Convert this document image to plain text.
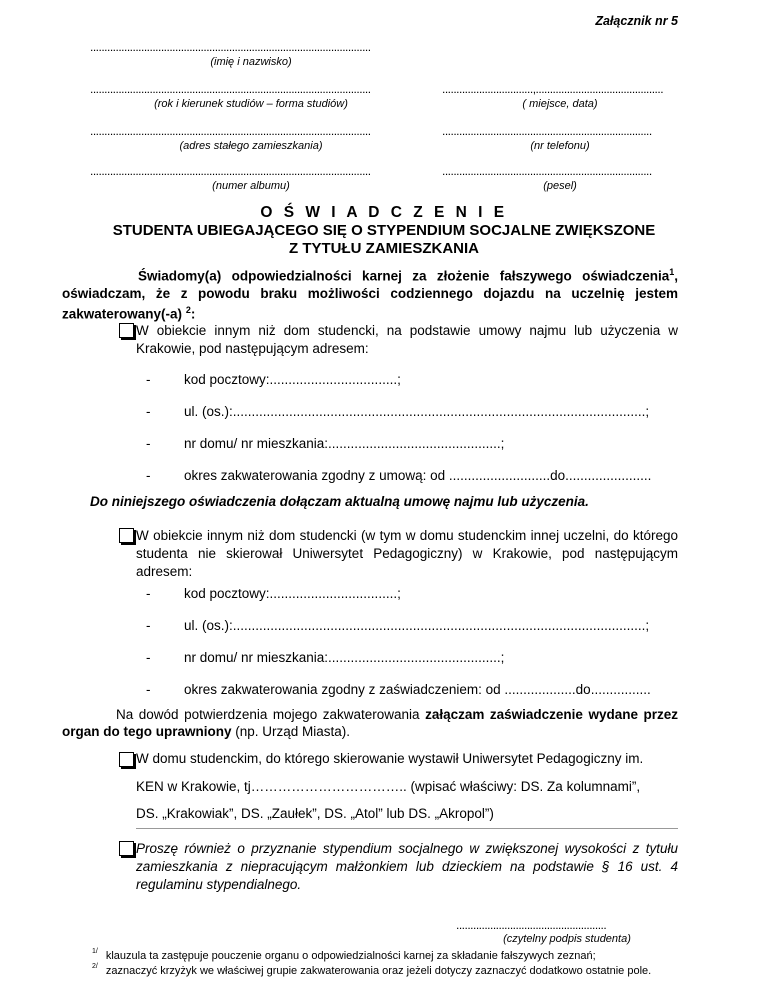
Załącznik nr 5
...................................................................................................
(imię i nazwisko)
...................................................................................................
(rok i kierunek studiów – forma studiów)
................................,.............................................
( miejsce, data)
...................................................................................................
(adres stałego zamieszkania)
..........................................................................
(nr telefonu)
...................................................................................................
(numer albumu)
..........................................................................
(pesel)
O Ś W I A D C Z E N I E
STUDENTA UBIEGAJĄCEGO SIĘ O STYPENDIUM SOCJALNE ZWIĘKSZONE
Z TYTUŁU ZAMIESZKANIA
Świadomy(a) odpowiedzialności karnej za złożenie fałszywego oświadczenia$^1$, oświadczam, że z powodu braku możliwości codziennego dojazdu na uczelnię jestem zakwaterowany(-a) $^2$:
W obiekcie innym niż dom studencki, na podstawie umowy najmu lub użyczenia w Krakowie, pod następującym adresem:
- kod pocztowy:..................................;
- ul. (os.):..............................................................................................................;
- nr domu/ nr mieszkania:..............................................;
- okres zakwaterowania zgodny z umową: od ...........................do.......................
Do niniejszego oświadczenia dołączam aktualną umowę najmu lub użyczenia.
W obiekcie innym niż dom studencki (w tym w domu studenckim innej uczelni, do którego studenta nie skierował Uniwersytet Pedagogiczny) w Krakowie, pod następującym adresem:
- kod pocztowy:..................................;
- ul. (os.):..............................................................................................................;
- nr domu/ nr mieszkania:..............................................;
- okres zakwaterowania zgodny z zaświadczeniem: od ...................do................
Na dowód potwierdzenia mojego zakwaterowania załączam zaświadczenie wydane przez organ do tego uprawniony (np. Urząd Miasta).
W domu studenckim, do którego skierowanie wystawił Uniwersytet Pedagogiczny im.
KEN w Krakowie, tj…………………………….. (wpisać właściwy: DS. Za kolumnami”,
DS. „Krakowiak”, DS. „Zaułek”, DS. „Atol” lub DS. „Akropol”)
Proszę również o przyznanie stypendium socjalnego w zwiększonej wysokości z tytułu zamieszkania z niepracującym małżonkiem lub dzieckiem na podstawie § 16 ust. 4 regulaminu stypendialnego.
.....................................................
(czytelny podpis studenta)
$^{1/}$ klauzula ta zastępuje pouczenie organu o odpowiedzialności karnej za składanie fałszywych zeznań;
$^{2/}$ zaznaczyć krzyżyk we właściwej grupie zakwaterowania oraz jeżeli dotyczy zaznaczyć dodatkowo ostatnie pole.
